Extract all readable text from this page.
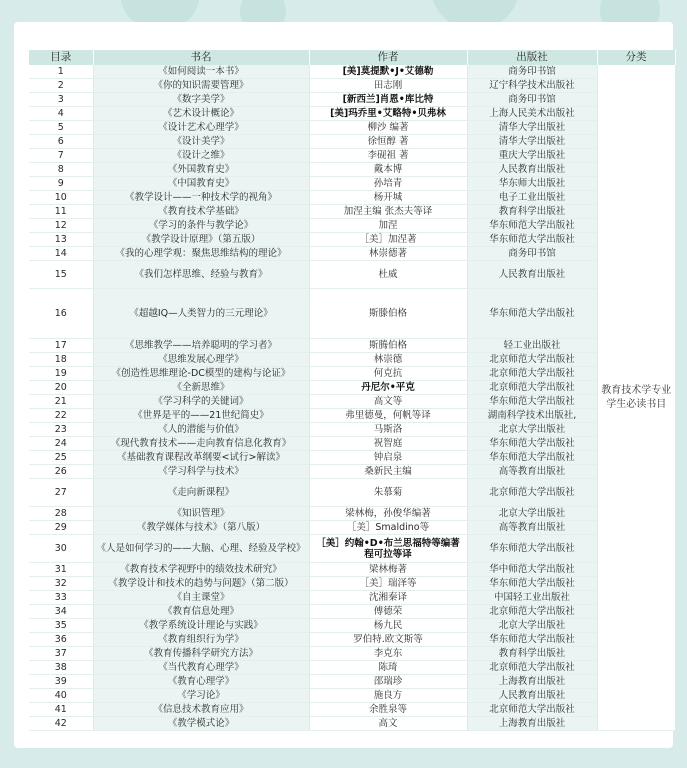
目录	书名	作者	出版社	分类
1	《如何阅读一本书》	[美]莫提默•J•艾德勒	商务印书馆	教育技术学专业学生必读书目
2	《你的知识需要管理》	田志刚	辽宁科学技术出版社	
3	《数字美学》	[新西兰]肖恩•库比特	商务印书馆	
4	《艺术设计概论》	[美]玛乔里•艾略特•贝弗林	上海人民美术出版社	
5	《设计艺术心理学》	柳沙 编著	清华大学出版社	
6	《设计美学》	徐恒醇 著	清华大学出版社	
7	《设计之维》	李砚祖 著	重庆大学出版社	
8	《外国教育史》	戴本博	人民教育出版社	
9	《中国教育史》	孙培青	华东师大出版社	
10	《教学设计——一种技术学的视角》	杨开城	电子工业出版社	
11	《教育技术学基础》	加涅主编 张杰夫等译	教育科学出版社	
12	《学习的条件与教学论》	加涅	华东师范大学出版社	
13	《教学设计原理》（第五版）	［美］加涅著	华东师范大学出版社	
14	《我的心理学观：聚焦思维结构的理论》	林崇德著	商务印书馆	
15	《我们怎样思维、经验与教育》	杜威	人民教育出版社	
16	《超越IQ—人类智力的三元理论》	斯滕伯格	华东师范大学出版社	
17	《思维教学——培养聪明的学习者》	斯腾伯格	轻工业出版社	
18	《思维发展心理学》	林崇德	北京师范大学出版社	
19	《创造性思维理论-DC模型的建构与论证》	何克抗	北京师范大学出版社	
20	《全新思维》	丹尼尔•平克	北京师范大学出版社	
21	《学习科学的关键词》	高文等	华东师范大学出版社	
22	《世界是平的——21世纪简史》	弗里德曼，何帆等译	湖南科学技术出版社,	
23	《人的潜能与价值》	马斯洛	北京大学出版社	
24	《现代教育技术——走向教育信息化教育》	祝智庭	华东师范大学出版社	
25	《基础教育课程改革纲要<试行>解读》	钟启泉	华东师范大学出版社	
26	《学习科学与技术》	桑新民主编	高等教育出版社	
27	《走向新课程》	朱慕菊	北京师范大学出版社	
28	《知识管理》	梁林梅，孙俊华编著	北京大学出版社	
29	《教学媒体与技术》（第八版）	［美］Smaldino等	高等教育出版社	
30	《人是如何学习的——大脑、心理、经验及学校》	［美］约翰•D•布兰思福特等编著 程可拉等译	华东师范大学出版社	
31	《教育技术学视野中的绩效技术研究》	梁林梅著	华中师范大学出版社	
32	《教学设计和技术的趋势与问题》（第二版）	［美］瑞泽等	华东师范大学出版社	
33	《自主课堂》	沈湘秦译	中国轻工业出版社	
34	《教育信息处理》	傅德荣	北京师范大学出版社	
35	《教学系统设计理论与实践》	杨九民	北京大学出版社	
36	《教育组织行为学》	罗伯特.欧文斯等	华东师范大学出版社	
37	《教育传播科学研究方法》	李克东	教育科学出版社	
38	《当代教育心理学》	陈琦	北京师范大学出版社	
39	《教育心理学》	邵瑞珍	上海教育出版社	
40	《学习论》	施良方	人民教育出版社	
41	《信息技术教育应用》	余胜泉等	北京师范大学出版社	
42	《教学模式论》	高文	上海教育出版社	
